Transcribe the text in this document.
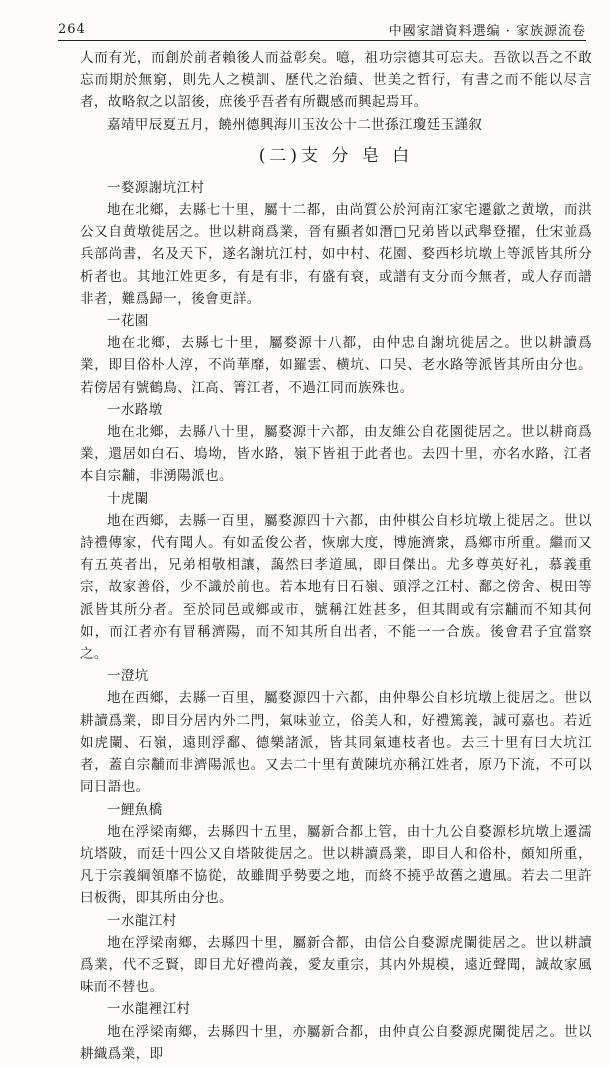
264	中國家譜資料選编 · 家族源流卷

人而有光，而創於前者賴後人而益彰矣。噫，祖功宗德其可忘夫。吾欲以吾之不敢忘而期於無窮，則先人之模訓、歷代之治績、世美之哲行，有書之而不能以尽言者，故略叙之以詔後，庶後乎吾者有所觀感而興起焉耳。

嘉靖甲辰夏五月，饒州德興海川玉汝公十二世孫江瓊廷玉謹叙

(二)支 分 皂 白

一婺源謝坑江村

地在北鄉，去縣七十里，屬十二都，由尚質公於河南江家宅遷歙之黄墩，而洪公又自黄墩徙居之。世以耕商爲業，晉有顯者如潛□兄弟皆以武舉登擢，仕宋並爲兵部尚書，名及天下，遂名謝坑江村，如中村、花園、婺西杉坑墩上等派皆其所分析者也。其地江姓更多，有是有非，有盛有衰，或譜有支分而今無者，或人存而譜非者，難爲歸一，後會更詳。

一花園

地在北鄉，去縣七十里，屬婺源十八都，由仲忠自謝坑徙居之。世以耕讀爲業，即目俗朴人淳，不尚華靡，如羅雲、横坑、口吴、老水路等派皆其所由分也。若傍居有號鶴鳥、江高、箐江者，不過江同而族殊也。

一水路墩

地在北鄉，去縣八十里，屬婺源十六都，由友維公自花園徙居之。世以耕商爲業，還居如白石、塢坳，皆水路，嶺下皆祖于此者也。去四十里，亦名水路，江者本自宗黼，非湧陽派也。

十虎闌

地在西鄉，去縣一百里，屬婺源四十六都，由仲棋公自杉坑墩上徙居之。世以詩禮傳家，代有聞人。有如孟俊公者，恢廓大度，博施濟衆，爲鄉市所重。繼而又有五英者出，兄弟相敬相讓，藹然曰孝道風，即目傑出。尤多尊英好礼，慕義重宗，故家善俗，少不識於前也。若本地有日石嶺、頭浮之江村、鄱之傍舍、梘田等派皆其所分者。至於同邑或鄉或市，號稱江姓甚多，但其間或有宗黼而不知其何如，而江者亦有冒稱濟陽，而不知其所自出者，不能一一合族。後會君子宜當察之。

一澄坑

地在西鄉，去縣一百里，屬婺源四十六都，由仲舉公自杉坑墩上徙居之。世以耕讀爲業，即目分居内外二門，氣味並立，俗美人和，好禮篤義，誠可嘉也。若近如虎闌、石嶺，遠則浮鄱、德樂諸派，皆其同氣連枝者也。去三十里有曰大坑江者，蓋自宗黼而非濟陽派也。又去二十里有黄陳坑亦稱江姓者，原乃下流，不可以同日語也。

一鯉魚橋

地在浮梁南鄉，去縣四十五里，屬新合都上管，由十九公自婺源杉坑墩上遷濡坑塔陂，而廷十四公又自塔陂徙居之。世以耕讀爲業，即目人和俗朴，頗知所重，凡于宗義綱領靡不協從，故雖間乎勢要之地，而終不撓乎故舊之遺風。若去二里許曰板衖，即其所由分也。

一水龍江村

地在浮梁南鄉，去縣四十里，屬新合都，由信公自婺源虎闌徙居之。世以耕讀爲業，代不乏賢，即目尤好禮尚義，愛友重宗，其内外規模，遠近聲聞，誠故家風味而不替也。

一水龍裡江村

地在浮梁南鄉，去縣四十里，亦屬新合都，由仲貞公自婺源虎闌徙居之。世以耕織爲業，即
